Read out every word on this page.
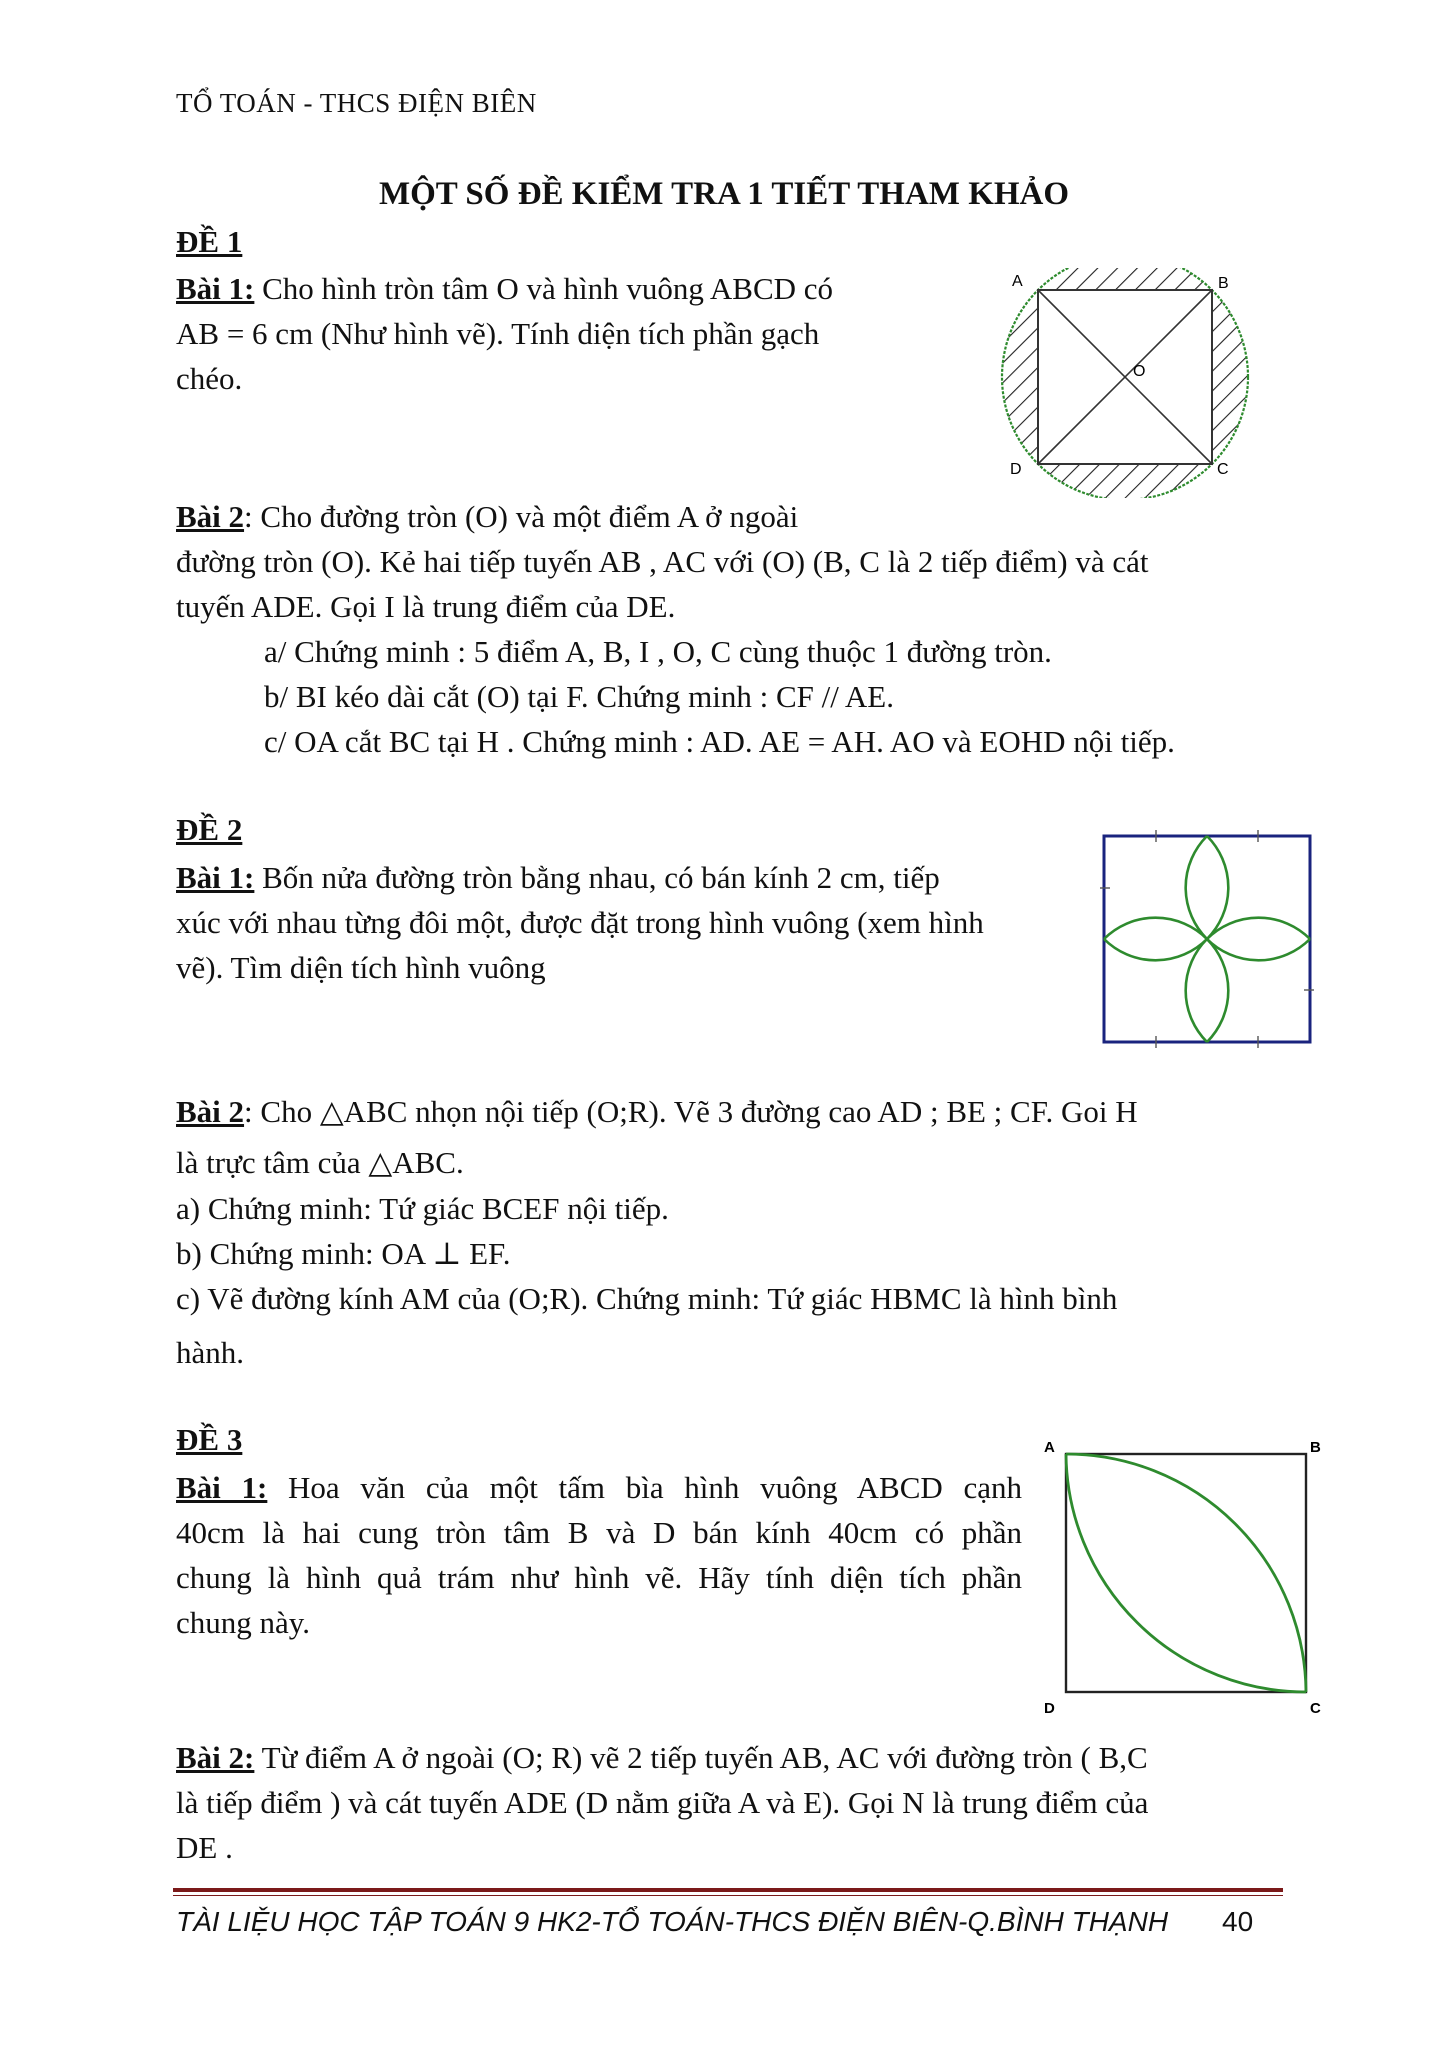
TỔ TOÁN - THCS ĐIỆN BIÊN
MỘT SỐ ĐỀ KIỂM TRA 1 TIẾT THAM KHẢO
ĐỀ 1
Bài 1: Cho hình tròn tâm O và hình vuông ABCD có
AB = 6 cm (Như hình vẽ). Tính diện tích phần gạch
chéo.
A	B
C
D
O
Bài 2: Cho đường tròn (O) và một điểm A ở ngoài
đường tròn (O). Kẻ hai tiếp tuyến AB , AC với (O) (B, C là 2 tiếp điểm) và cát
tuyến ADE. Gọi I là trung điểm của DE.
a/ Chứng minh : 5 điểm A, B, I , O, C cùng thuộc 1 đường tròn.
b/ BI kéo dài cắt (O) tại F. Chứng minh : CF // AE.
c/ OA cắt BC tại H . Chứng minh : AD. AE = AH. AO và EOHD nội tiếp.
ĐỀ 2
Bài 1: Bốn nửa đường tròn bằng nhau, có bán kính 2 cm, tiếp
xúc với nhau từng đôi một, được đặt trong hình vuông (xem hình
vẽ). Tìm diện tích hình vuông
Bài 2: Cho △ABC nhọn nội tiếp (O;R). Vẽ 3 đường cao AD ; BE ; CF. Goi H
là trực tâm của △ABC.
a) Chứng minh: Tứ giác BCEF nội tiếp.
b) Chứng minh: OA ⊥ EF.
c) Vẽ đường kính AM của (O;R). Chứng minh: Tứ giác HBMC là hình bình
hành.
ĐỀ 3
Bài 1: Hoa văn của một tấm bìa hình vuông ABCD cạnh
40cm là hai cung tròn tâm B và D bán kính 40cm có phần
chung là hình quả trám như hình vẽ. Hãy tính diện tích phần
chung này.
A	B
C
D
Bài 2: Từ điểm A ở ngoài (O; R) vẽ 2 tiếp tuyến AB, AC với đường tròn ( B,C
là tiếp điểm ) và cát tuyến ADE (D nằm giữa A và E). Gọi N là trung điểm của
DE .
TÀI LIỆU HỌC TẬP TOÁN 9 HK2-TỔ TOÁN-THCS ĐIỆN BIÊN-Q.BÌNH THẠNH 40
